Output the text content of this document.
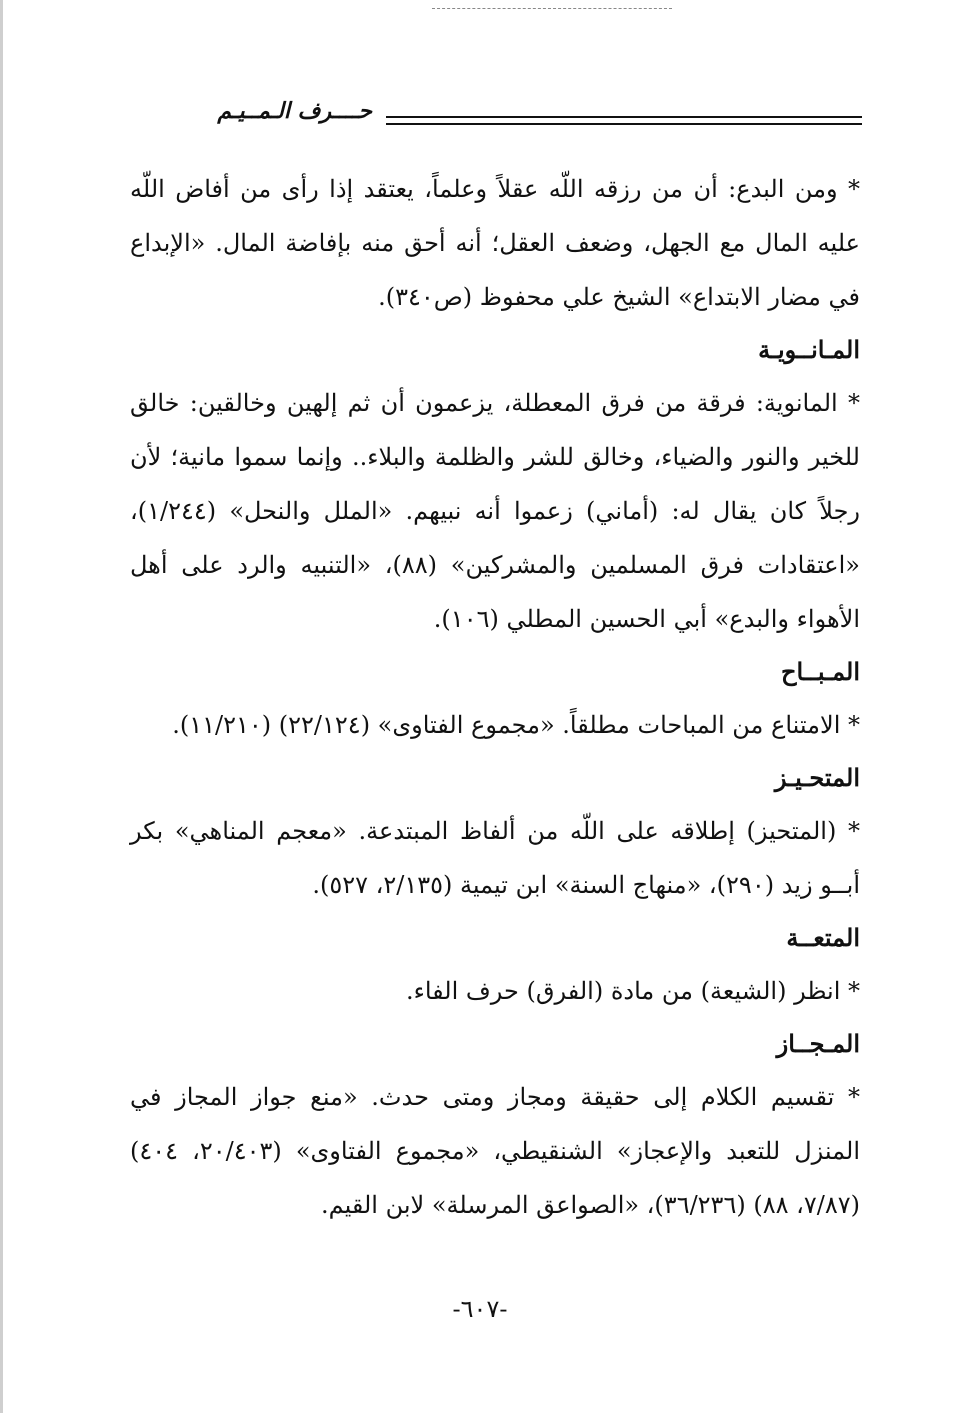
حــــرف الـمــيـم

* ومن البدع: أن من رزقه اللّه عقلاً وعلماً، يعتقد إذا رأى من أفاض اللّه عليه المال مع الجهل، وضعف العقل؛ أنه أحق منه بإفاضة المال. «الإبداع في مضار الابتداع» الشيخ علي محفوظ (ص٣٤٠).

المـانــويـة

* المانوية: فرقة من فرق المعطلة، يزعمون أن ثم إلهين وخالقين: خالق للخير والنور والضياء، وخالق للشر والظلمة والبلاء.. وإنما سموا مانية؛ لأن رجلاً كان يقال له: (أماني) زعموا أنه نبيهم. «الملل والنحل» (١/٢٤٤)، «اعتقادات فرق المسلمين والمشركين» (٨٨)، «التنبيه والرد على أهل الأهواء والبدع» أبي الحسين المطلي (١٠٦).

المـبــاح

* الامتناع من المباحات مطلقاً. «مجموع الفتاوى» (٢٢/١٢٤) (١١/٢١٠).

المتحـيـز

* (المتحيز) إطلاقه على اللّه من ألفاظ المبتدعة. «معجم المناهي» بكر أبــو زيد (٢٩٠)، «منهاج السنة» ابن تيمية (٢/١٣٥، ٥٢٧).

المتعــة

* انظر (الشيعة) من مادة (الفرق) حرف الفاء.

المـجــاز

* تقسيم الكلام إلى حقيقة ومجاز ومتى حدث. «منع جواز المجاز في المنزل للتعبد والإعجاز» الشنقيطي، «مجموع الفتاوى» (٢٠/٤٠٣، ٤٠٤) (٧/٨٧، ٨٨) (٣٦/٢٣٦)، «الصواعق المرسلة» لابن القيم.

-٦٠٧-
